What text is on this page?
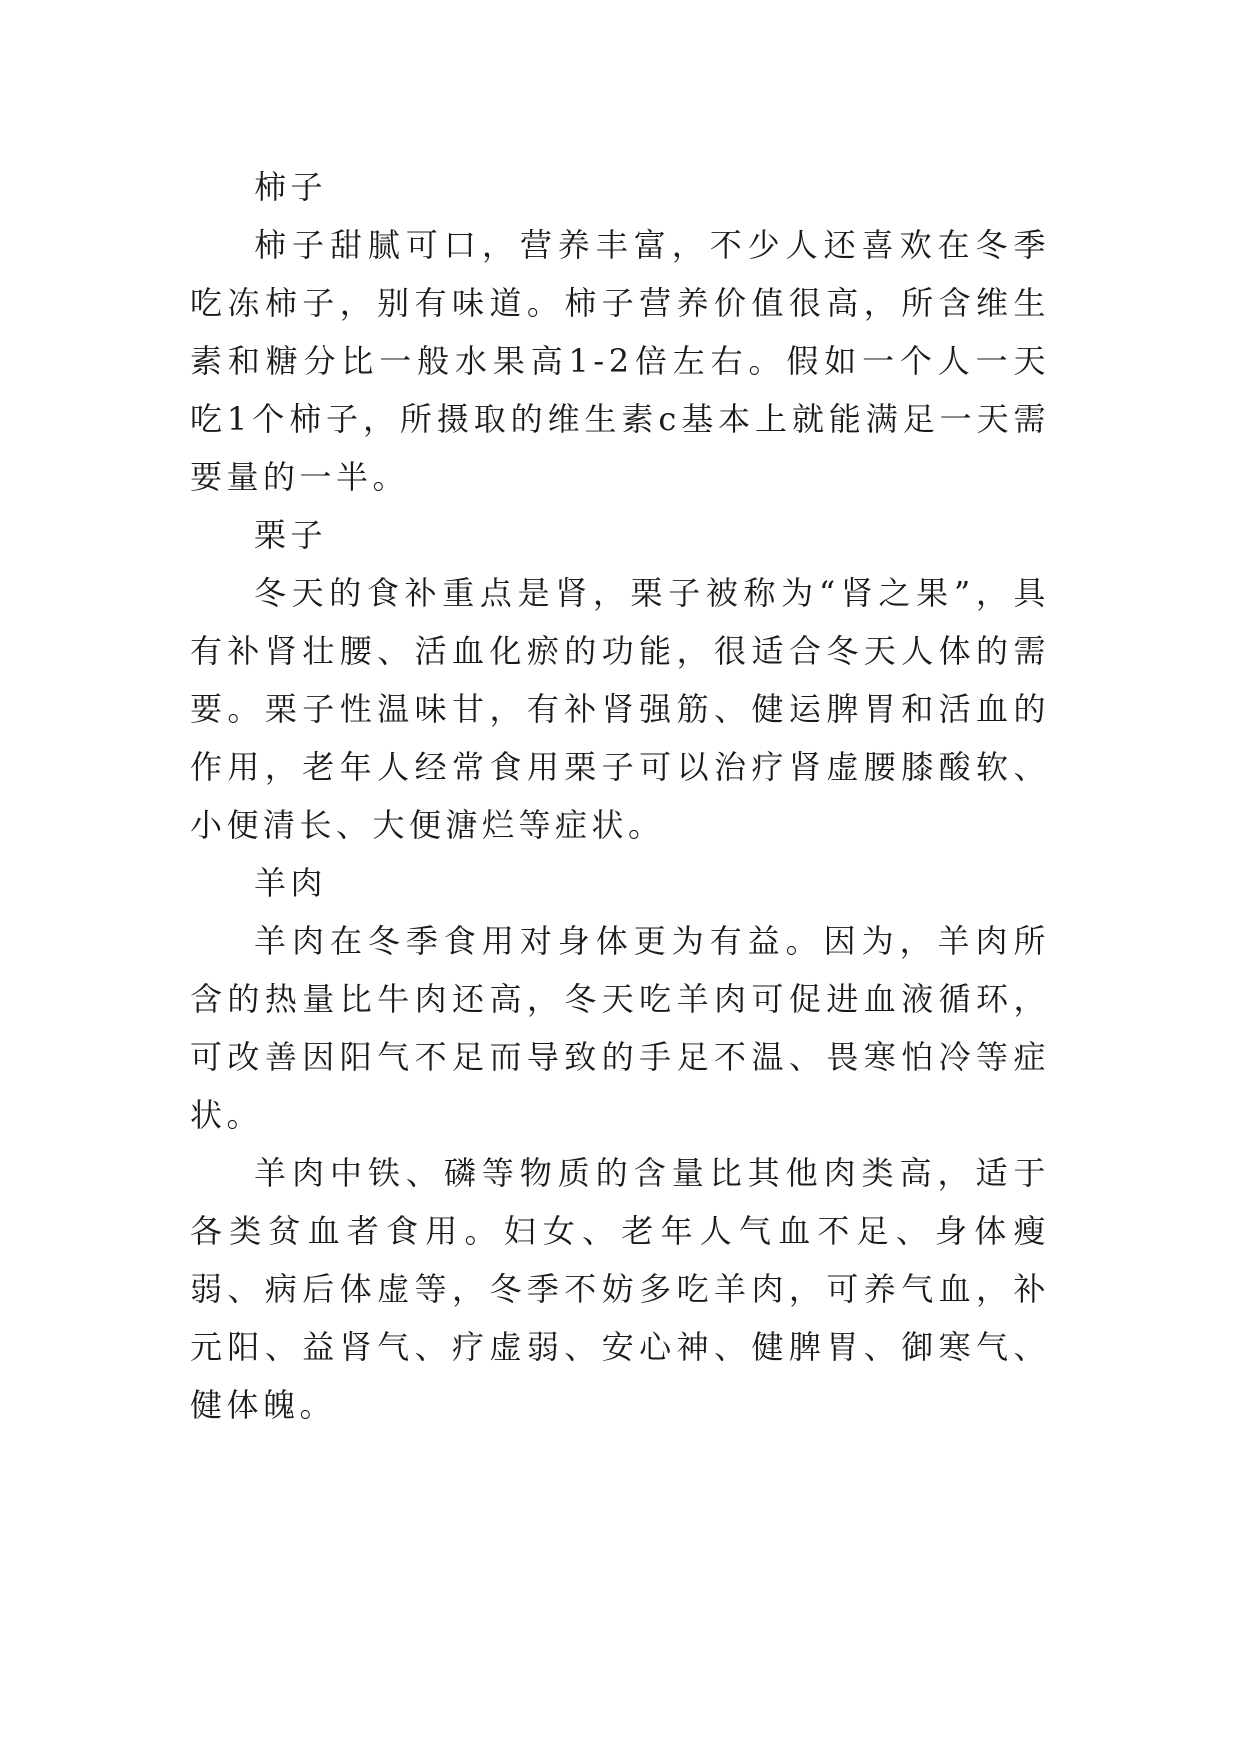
柿子

柿子甜腻可口，营养丰富，不少人还喜欢在冬季吃冻柿子，别有味道。柿子营养价值很高，所含维生素和糖分比一般水果高1-2倍左右。假如一个人一天吃1个柿子，所摄取的维生素c基本上就能满足一天需要量的一半。

栗子

冬天的食补重点是肾，栗子被称为“肾之果”，具有补肾壮腰、活血化瘀的功能，很适合冬天人体的需要。栗子性温味甘，有补肾强筋、健运脾胃和活血的作用，老年人经常食用栗子可以治疗肾虚腰膝酸软、小便清长、大便溏烂等症状。

羊肉

羊肉在冬季食用对身体更为有益。因为，羊肉所含的热量比牛肉还高，冬天吃羊肉可促进血液循环，可改善因阳气不足而导致的手足不温、畏寒怕冷等症状。

羊肉中铁、磷等物质的含量比其他肉类高，适于各类贫血者食用。妇女、老年人气血不足、身体瘦弱、病后体虚等，冬季不妨多吃羊肉，可养气血，补元阳、益肾气、疗虚弱、安心神、健脾胃、御寒气、健体魄。
